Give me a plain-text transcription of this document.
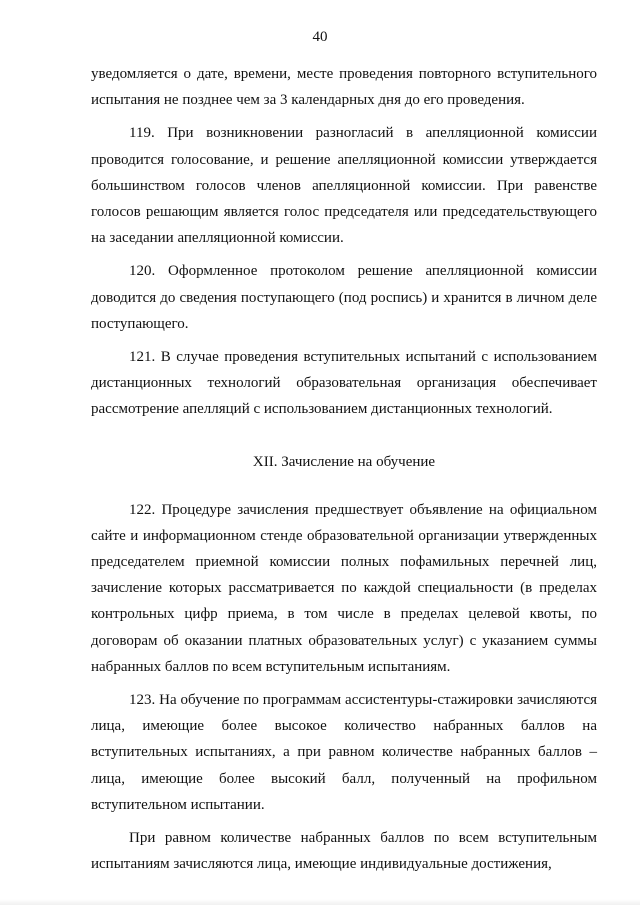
40

уведомляется о дате, времени, месте проведения повторного вступительного испытания не позднее чем за 3 календарных дня до его проведения.

119. При возникновении разногласий в апелляционной комиссии проводится голосование, и решение апелляционной комиссии утверждается большинством голосов членов апелляционной комиссии. При равенстве голосов решающим является голос председателя или председательствующего на заседании апелляционной комиссии.

120. Оформленное протоколом решение апелляционной комиссии доводится до сведения поступающего (под роспись) и хранится в личном деле поступающего.

121. В случае проведения вступительных испытаний с использованием дистанционных технологий образовательная организация обеспечивает рассмотрение апелляций с использованием дистанционных технологий.

XII. Зачисление на обучение

122. Процедуре зачисления предшествует объявление на официальном сайте и информационном стенде образовательной организации утвержденных председателем приемной комиссии полных пофамильных перечней лиц, зачисление которых рассматривается по каждой специальности (в пределах контрольных цифр приема, в том числе в пределах целевой квоты, по договорам об оказании платных образовательных услуг) с указанием суммы набранных баллов по всем вступительным испытаниям.

123. На обучение по программам ассистентуры-стажировки зачисляются лица, имеющие более высокое количество набранных баллов на вступительных испытаниях, а при равном количестве набранных баллов – лица, имеющие более высокий балл, полученный на профильном вступительном испытании.

При равном количестве набранных баллов по всем вступительным испытаниям зачисляются лица, имеющие индивидуальные достижения,
